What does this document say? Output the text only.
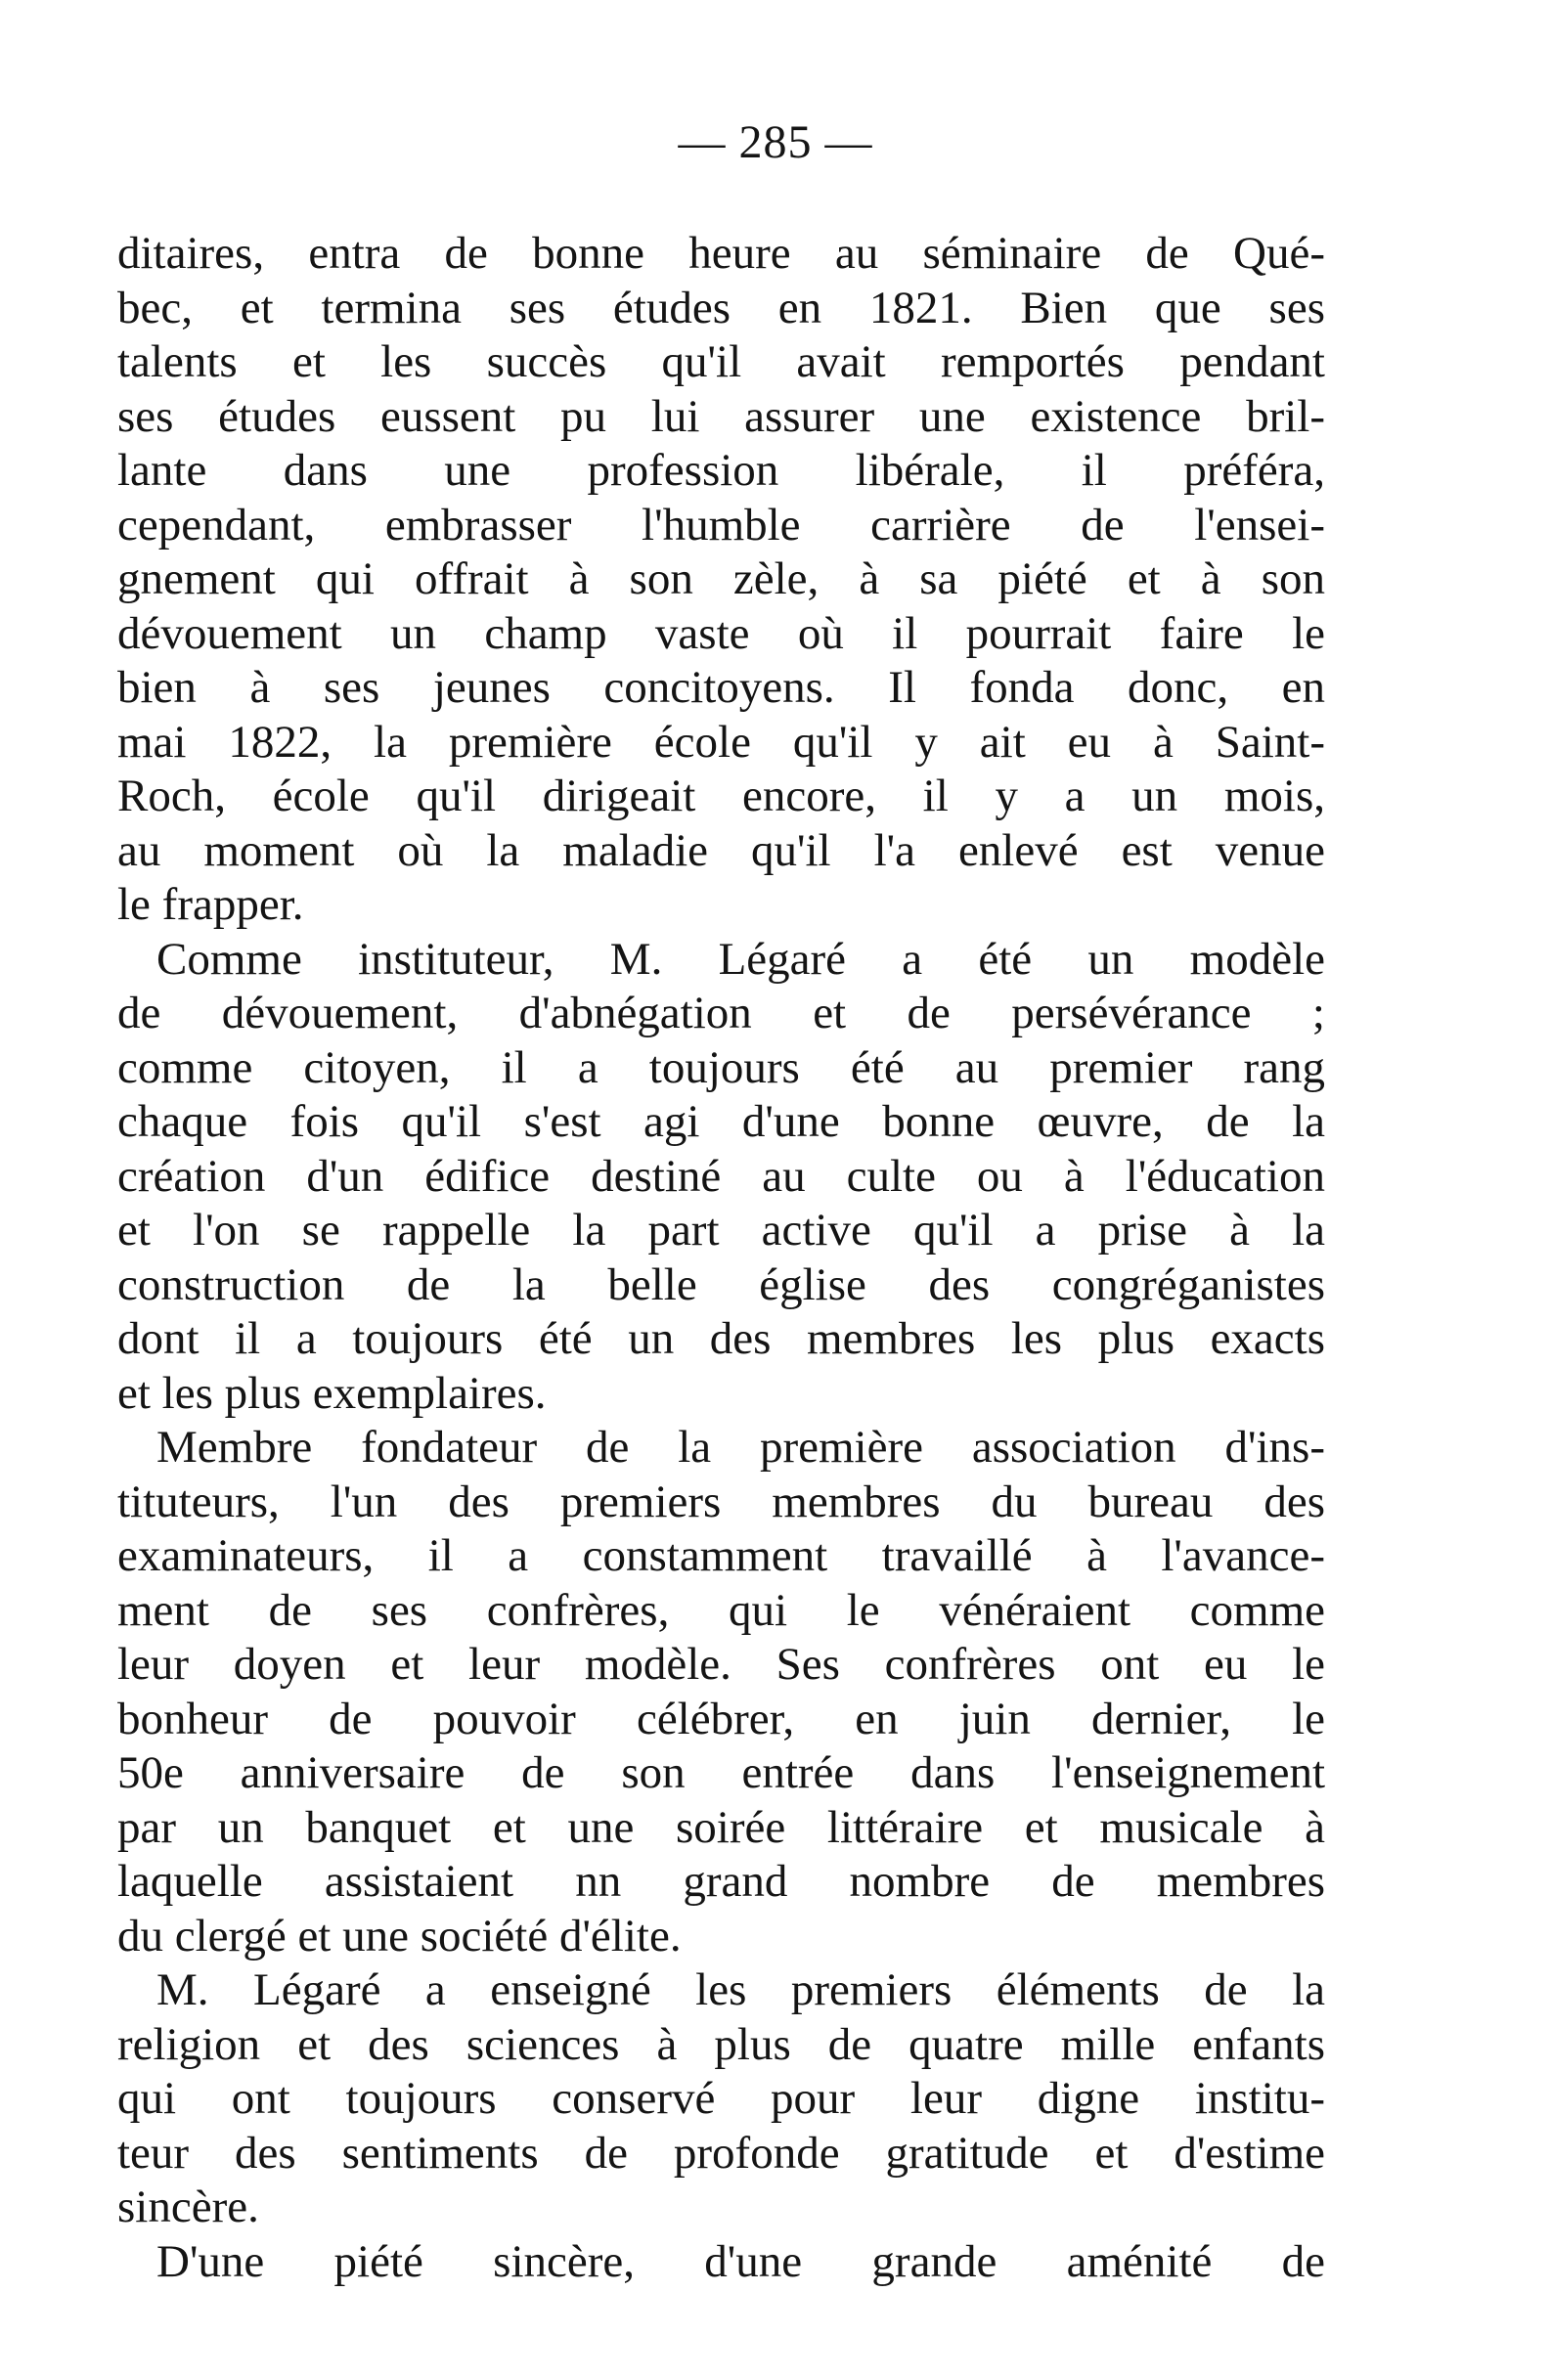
— 285 —
ditaires, entra de bonne heure au séminaire de Qué-
bec, et termina ses études en 1821. Bien que ses
talents et les succès qu'il avait remportés pendant
ses études eussent pu lui assurer une existence bril-
lante dans une profession libérale, il préféra,
cependant, embrasser l'humble carrière de l'ensei-
gnement qui offrait à son zèle, à sa piété et à son
dévouement un champ vaste où il pourrait faire le
bien à ses jeunes concitoyens. Il fonda donc, en
mai 1822, la première école qu'il y ait eu à Saint-
Roch, école qu'il dirigeait encore, il y a un mois,
au moment où la maladie qu'il l'a enlevé est venue
le frapper.
Comme instituteur, M. Légaré a été un modèle
de dévouement, d'abnégation et de persévérance ;
comme citoyen, il a toujours été au premier rang
chaque fois qu'il s'est agi d'une bonne œuvre, de la
création d'un édifice destiné au culte ou à l'éducation
et l'on se rappelle la part active qu'il a prise à la
construction de la belle église des congréganistes
dont il a toujours été un des membres les plus exacts
et les plus exemplaires.
Membre fondateur de la première association d'ins-
tituteurs, l'un des premiers membres du bureau des
examinateurs, il a constamment travaillé à l'avance-
ment de ses confrères, qui le vénéraient comme
leur doyen et leur modèle. Ses confrères ont eu le
bonheur de pouvoir célébrer, en juin dernier, le
50e anniversaire de son entrée dans l'enseignement
par un banquet et une soirée littéraire et musicale à
laquelle assistaient nn grand nombre de membres
du clergé et une société d'élite.
M. Légaré a enseigné les premiers éléments de la
religion et des sciences à plus de quatre mille enfants
qui ont toujours conservé pour leur digne institu-
teur des sentiments de profonde gratitude et d'estime
sincère.
D'une piété sincère, d'une grande aménité de
